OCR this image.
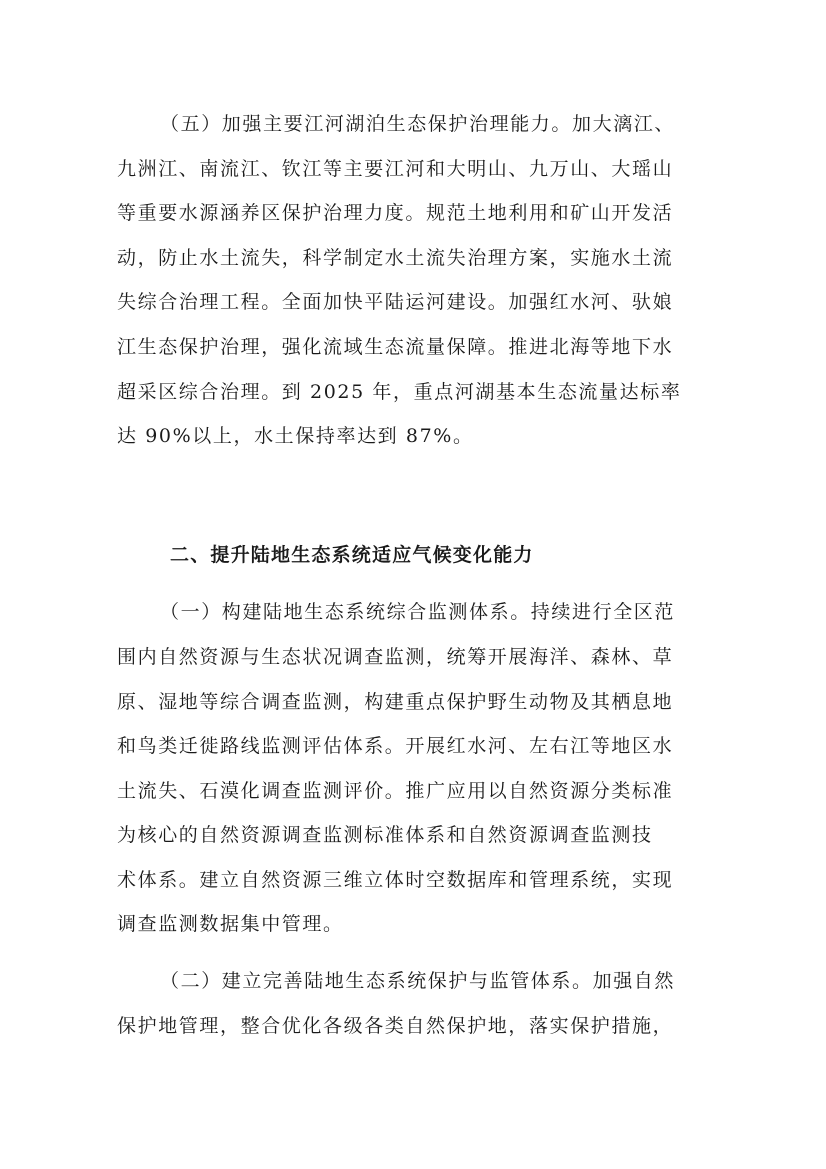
（五）加强主要江河湖泊生态保护治理能力。加大漓江、
九洲江、南流江、钦江等主要江河和大明山、九万山、大瑶山
等重要水源涵养区保护治理力度。规范土地利用和矿山开发活
动，防止水土流失，科学制定水土流失治理方案，实施水土流
失综合治理工程。全面加快平陆运河建设。加强红水河、驮娘
江生态保护治理，强化流域生态流量保障。推进北海等地下水
超采区综合治理。到 2025 年，重点河湖基本生态流量达标率
达 90%以上，水土保持率达到 87%。
二、提升陆地生态系统适应气候变化能力
（一）构建陆地生态系统综合监测体系。持续进行全区范
围内自然资源与生态状况调查监测，统筹开展海洋、森林、草
原、湿地等综合调查监测，构建重点保护野生动物及其栖息地
和鸟类迁徙路线监测评估体系。开展红水河、左右江等地区水
土流失、石漠化调查监测评价。推广应用以自然资源分类标准
为核心的自然资源调查监测标准体系和自然资源调查监测技
术体系。建立自然资源三维立体时空数据库和管理系统，实现
调查监测数据集中管理。
（二）建立完善陆地生态系统保护与监管体系。加强自然
保护地管理，整合优化各级各类自然保护地，落实保护措施，
